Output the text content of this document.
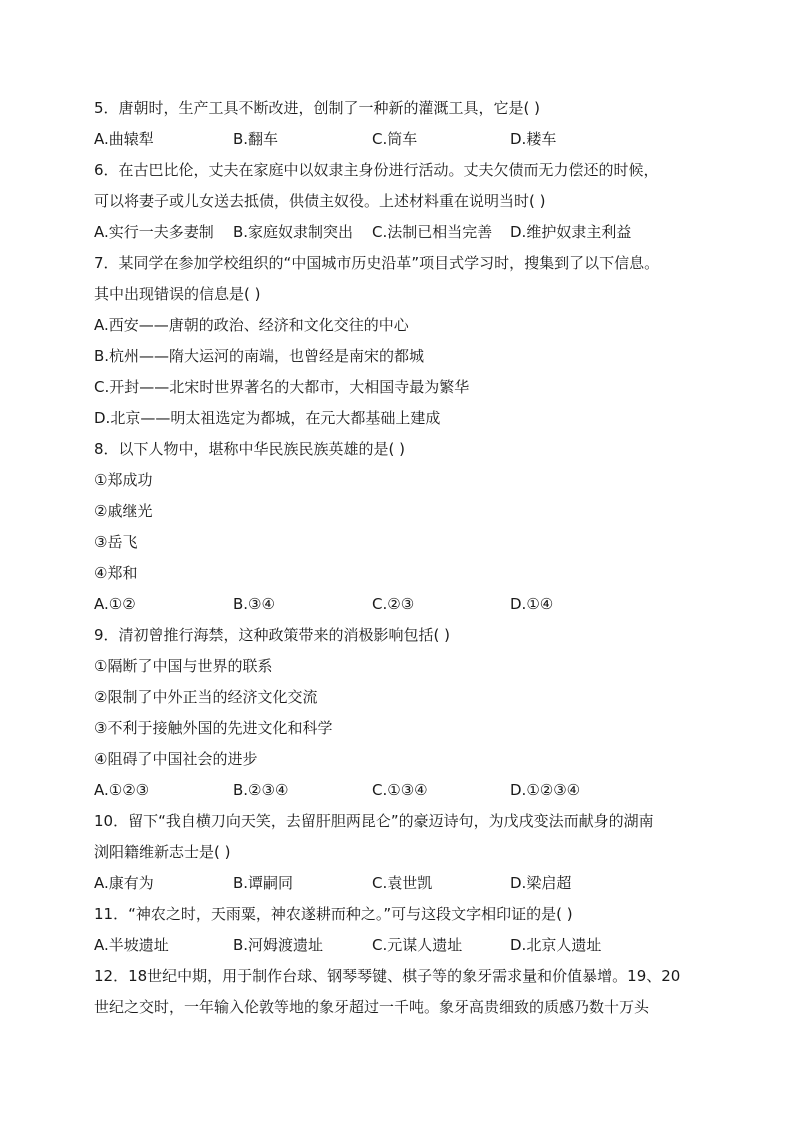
5．唐朝时，生产工具不断改进，创制了一种新的灌溉工具，它是( )
A.曲辕犁	B.翻车	C.筒车	D.耧车
6．在古巴比伦，丈夫在家庭中以奴隶主身份进行活动。丈夫欠债而无力偿还的时候，
可以将妻子或儿女送去抵债，供债主奴役。上述材料重在说明当时( )
A.实行一夫多妻制 B.家庭奴隶制突出 C.法制已相当完善 D.维护奴隶主利益
7．某同学在参加学校组织的“中国城市历史沿革”项目式学习时，搜集到了以下信息。
其中出现错误的信息是( )
A.西安——唐朝的政治、经济和文化交往的中心
B.杭州——隋大运河的南端，也曾经是南宋的都城
C.开封——北宋时世界著名的大都市，大相国寺最为繁华
D.北京——明太祖选定为都城，在元大都基础上建成
8．以下人物中，堪称中华民族民族英雄的是( )
①郑成功
②戚继光
③岳飞
④郑和
A.①②	B.③④	C.②③	D.①④
9．清初曾推行海禁，这种政策带来的消极影响包括( )
①隔断了中国与世界的联系
②限制了中外正当的经济文化交流
③不利于接触外国的先进文化和科学
④阻碍了中国社会的进步
A.①②③	B.②③④	C.①③④	D.①②③④
10．留下“我自横刀向天笑，去留肝胆两昆仑”的豪迈诗句，为戊戌变法而献身的湖南
浏阳籍维新志士是( )
A.康有为	B.谭嗣同	C.袁世凯	D.梁启超
11．“神农之时，天雨粟，神农遂耕而种之。”可与这段文字相印证的是( )
A.半坡遗址	B.河姆渡遗址	C.元谋人遗址	D.北京人遗址
12．18世纪中期，用于制作台球、钢琴琴键、棋子等的象牙需求量和价值暴增。19、20
世纪之交时，一年输入伦敦等地的象牙超过一千吨。象牙高贵细致的质感乃数十万头
